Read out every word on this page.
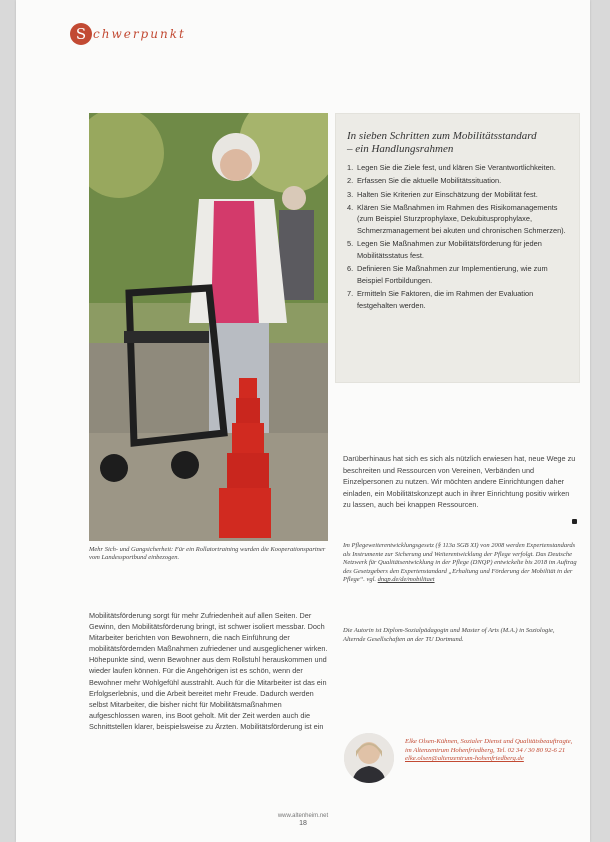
S chwerpunkt
Mehr Sich- und Gangsicherheit: Für ein Rollatortraining wurden die Kooperationspartner vom Landessportbund einbezogen.
In sieben Schritten zum Mobilitätsstandard
– ein Handlungsrahmen
1. Legen Sie die Ziele fest, und klären Sie Verantwortlichkeiten.
2. Erfassen Sie die aktuelle Mobilitätssituation.
3. Halten Sie Kriterien zur Einschätzung der Mobilität fest.
4. Klären Sie Maßnahmen im Rahmen des Risikomanagements (zum Beispiel Sturzprophylaxe, Dekubitusprophylaxe, Schmerzmanagement bei akuten und chronischen Schmerzen).
5. Legen Sie Maßnahmen zur Mobilitätsförderung für jeden Mobilitätsstatus fest.
6. Definieren Sie Maßnahmen zur Implementierung, wie zum Beispiel Fortbildungen.
7. Ermitteln Sie Faktoren, die im Rahmen der Evaluation festgehalten werden.
Darüberhinaus hat sich es sich als nützlich erwiesen hat, neue Wege zu beschreiten und Ressourcen von Vereinen, Verbänden und Einzelpersonen zu nutzen. Wir möchten andere Einrichtungen daher einladen, ein Mobilitätskonzept auch in ihrer Einrichtung positiv wirken zu lassen, auch bei knappen Ressourcen.
Im Pflegeweiterentwicklungsgesetz (§ 113a SGB XI) von 2008 werden Expertenstandards als Instrumente zur Sicherung und Weiterentwicklung der Pflege verfolgt. Das Deutsche Netzwerk für Qualitätsentwicklung in der Pflege (DNQP) entwickelte bis 2018 im Auftrag des Gesetzgebers den Expertenstandard „Erhaltung und Förderung der Mobilität in der Pflege“. vgl. dnqp.de/de/mobilitaet
Die Autorin ist Diplom-Sozialpädagogin und Master of Arts (M.A.) in Soziologie, Alternde Gesellschaften an der TU Dortmund.
Mobilitätsförderung sorgt für mehr Zufriedenheit auf allen Seiten. Der Gewinn, den Mobilitätsförderung bringt, ist schwer isoliert messbar. Doch Mitarbeiter berichten von Bewohnern, die nach Einführung der mobilitätsfördernden Maßnahmen zufriedener und ausgeglichener wirken. Höhepunkte sind, wenn Bewohner aus dem Rollstuhl herauskommen und wieder laufen können. Für die Angehörigen ist es schön, wenn der Bewohner mehr Wohlgefühl ausstrahlt. Auch für die Mitarbeiter ist das ein Erfolgserlebnis, und die Arbeit bereitet mehr Freude. Dadurch werden selbst Mitarbeiter, die bisher nicht für Mobilitätsmaßnahmen aufgeschlossen waren, ins Boot geholt. Mit der Zeit werden auch die Schnittstellen klarer, beispielsweise zu Ärzten. Mobilitätsförderung ist ein
Elke Olsen-Kühnen, Sozialer Dienst und Qualitätsbeauftragte, im Altenzentrum Hohenfriedberg, Tel. 02 34 / 30 80 92-6 21
elke.olsen@altenzentrum-hohenfriedberg.de
www.altenheim.net
18
